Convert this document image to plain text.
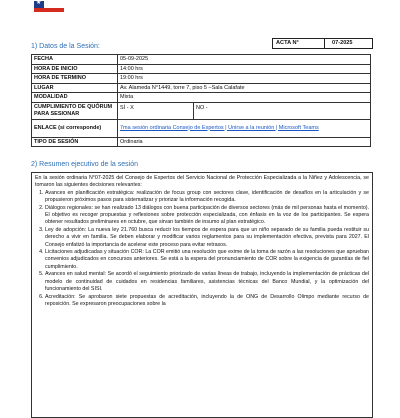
★
1) Datos de la Sesión:	ACTA N°	07-2025
FECHA	05-09-2025	
HORA DE INICIO	14:00 hrs	
HORA DE TERMINO	19:00 hrs	
LUGAR	Av. Alameda N°1449, torre 7, piso 5 –Sala Calafate	
MODALIDAD	Mixta	
CUMPLIMIENTO DE QUÓRUM PARA SESIONAR	SÍ - X	NO -
ENLACE (si corresponde)	7ma sesión ordinaria Consejo de Expertos | Unirse a la reunión | Microsoft Teams	
TIPO DE SESIÓN	Ordinaria	
2) Resumen ejecutivo de la sesión

En la sesión ordinaria N°07-2025 del Consejo de Expertos del Servicio Nacional de Protección Especializada a la Niñez y Adolescencia, se tomaron las siguientes decisiones relevantes:

1. Avances en planificación estratégica: realización de focus group con sectores clave, identificación de desafíos en la articulación y se propusieron próximos pasos para sistematizar y priorizar la información recogida.
2. Diálogos regionales: se han realizado 13 diálogos con buena participación de diversos sectores (más de mil personas hasta el momento). El objetivo es recoger propuestas y reflexiones sobre protección especializada, con énfasis en la voz de los participantes. Se espera obtener resultados preliminares en octubre, que sirvan también de insumo al plan estratégico.
3. Ley de adopción: La nueva ley 21.760 busca reducir los tiempos de espera para que un niño separado de su familia pueda restituir su derecho a vivir en familia. Se deben elaborar y modificar varios reglamentos para su implementación efectiva, prevista para 2027. El Consejo enfatizó la importancia de acelerar este proceso para evitar retrasos.
4. Licitaciones adjudicadas y situación COR: La COR emitió una resolución que exime de la toma de razón a las resoluciones que aprueban convenios adjudicados en concursos anteriores. Se está a la espera del pronunciamiento de COR sobre la exigencia de garantías de fiel cumplimiento.
5. Avances en salud mental: Se acordó el seguimiento priorizado de varias líneas de trabajo, incluyendo la implementación de prácticas del modelo de continuidad de cuidados en residencias familiares, asistencias técnicas del Banco Mundial, y la optimización del funcionamiento del SISI.
6. Acreditación: Se aprobaron siete propuestas de acreditación, incluyendo la de ONG de Desarrollo Olimpo mediante recurso de reposición. Se expresaron preocupaciones sobre la
